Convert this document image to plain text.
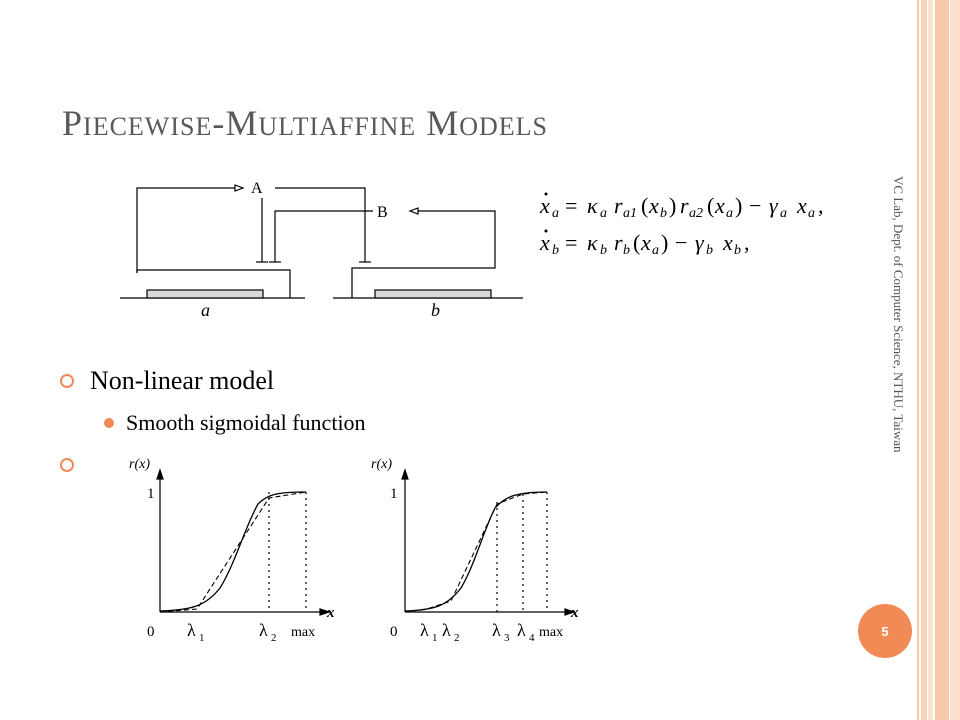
PIECEWISE-MULTIAFFINE MODELS
VC Lab, Dept. of Computer Science, NTHU, Taiwan
5
A
B
a	b
x a = κ a r a1 ( x b ) r a2 ( x a ) − γ a x a ,
x b = κ b r b ( x a ) − γ b x b ,
Non-linear model
Smooth sigmoidal function
r(x)
1
0
x
λ 1	λ 2 max
r(x)
1
0
x
λ 1 λ 2 λ 3 λ 4 max
